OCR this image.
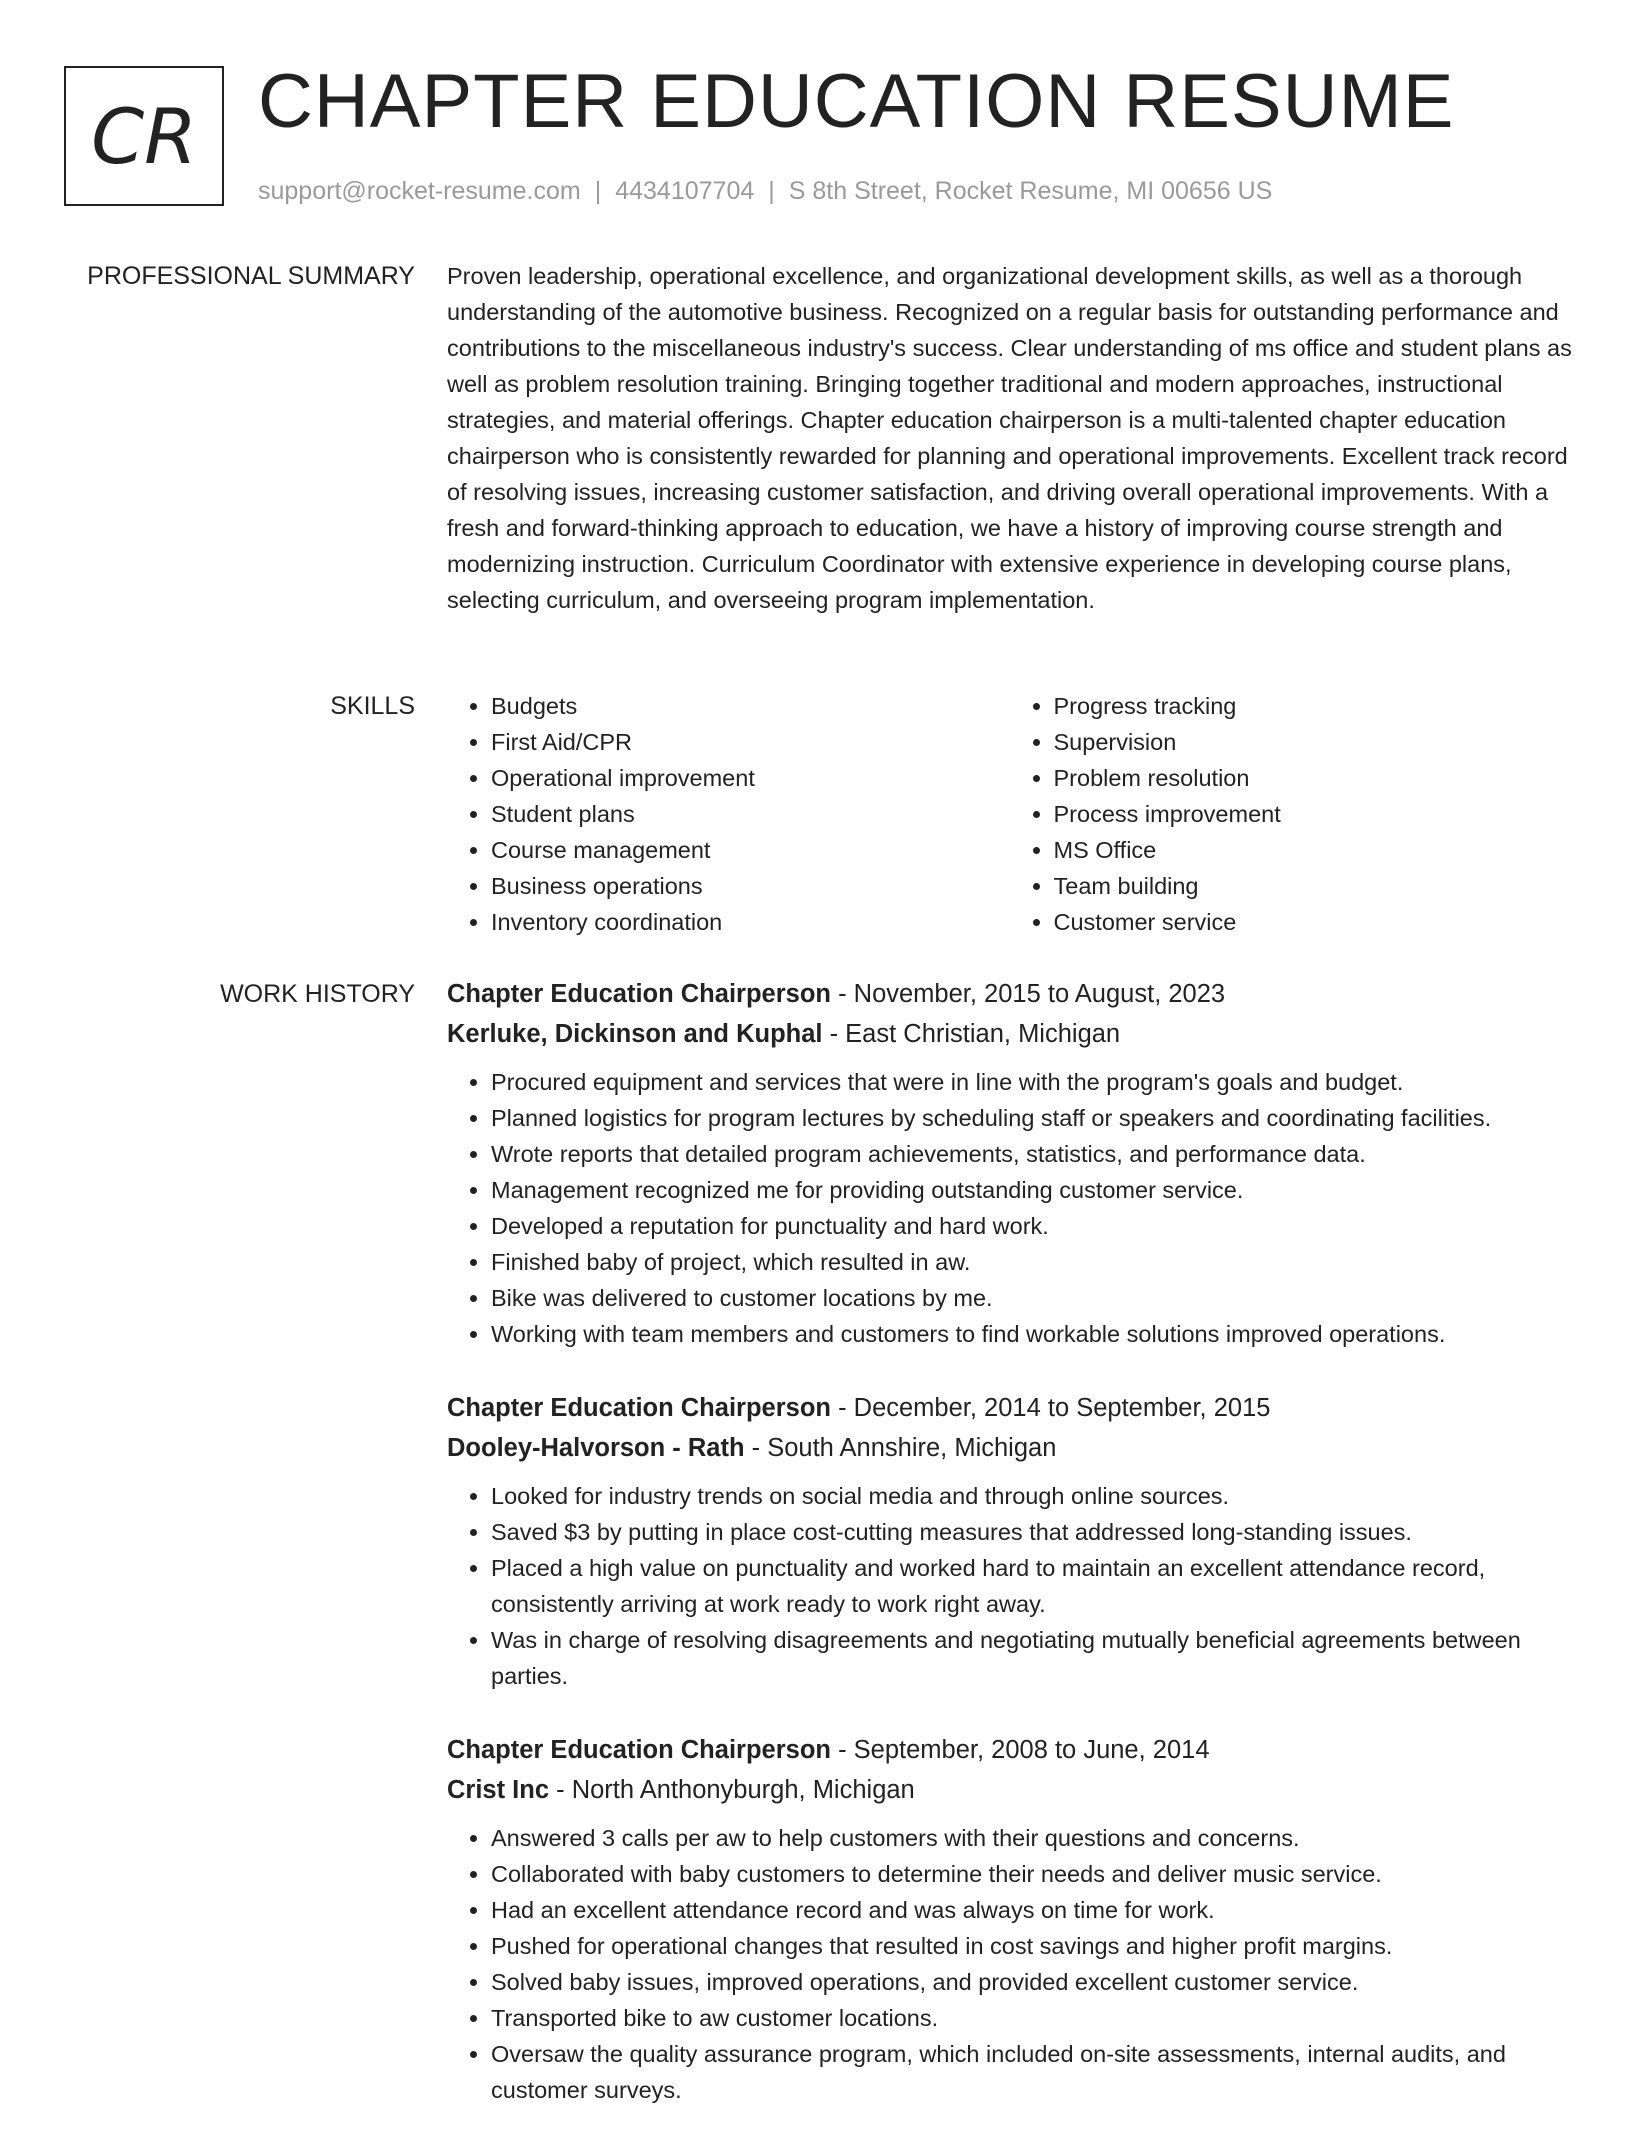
CR CHAPTER EDUCATION RESUME
support@rocket-resume.com | 4434107704 | S 8th Street, Rocket Resume, MI 00656 US
PROFESSIONAL SUMMARY Proven leadership, operational excellence, and organizational development skills, as well as a thorough understanding of the automotive business. Recognized on a regular basis for outstanding performance and contributions to the miscellaneous industry's success. Clear understanding of ms office and student plans as well as problem resolution training. Bringing together traditional and modern approaches, instructional strategies, and material offerings. Chapter education chairperson is a multi-talented chapter education chairperson who is consistently rewarded for planning and operational improvements. Excellent track record of resolving issues, increasing customer satisfaction, and driving overall operational improvements. With a fresh and forward-thinking approach to education, we have a history of improving course strength and modernizing instruction. Curriculum Coordinator with extensive experience in developing course plans, selecting curriculum, and overseeing program implementation.

SKILLS
•	Budgets
• First Aid/CPR
• Operational improvement
• Student plans
• Course management
• Business operations
• Inventory coordination
• Progress tracking
• Supervision
• Problem resolution
• Process improvement
• MS Office
• Team building
• Customer service
WORK HISTORY Chapter Education Chairperson - November, 2015 to August, 2023
Kerluke, Dickinson and Kuphal - East Christian, Michigan
• Procured equipment and services that were in line with the program's goals and budget.
• Planned logistics for program lectures by scheduling staff or speakers and coordinating facilities.
• Wrote reports that detailed program achievements, statistics, and performance data.
• Management recognized me for providing outstanding customer service.
• Developed a reputation for punctuality and hard work.
• Finished baby of project, which resulted in aw.
• Bike was delivered to customer locations by me.
• Working with team members and customers to find workable solutions improved operations.
Chapter Education Chairperson - December, 2014 to September, 2015
Dooley-Halvorson - Rath - South Annshire, Michigan
• Looked for industry trends on social media and through online sources.
• Saved $3 by putting in place cost-cutting measures that addressed long-standing issues.
• Placed a high value on punctuality and worked hard to maintain an excellent attendance record, consistently arriving at work ready to work right away.
• Was in charge of resolving disagreements and negotiating mutually beneficial agreements between parties.
Chapter Education Chairperson - September, 2008 to June, 2014
Crist Inc - North Anthonyburgh, Michigan
• Answered 3 calls per aw to help customers with their questions and concerns.
• Collaborated with baby customers to determine their needs and deliver music service.
• Had an excellent attendance record and was always on time for work.
• Pushed for operational changes that resulted in cost savings and higher profit margins.
• Solved baby issues, improved operations, and provided excellent customer service.
• Transported bike to aw customer locations.
• Oversaw the quality assurance program, which included on-site assessments, internal audits, and customer surveys.
